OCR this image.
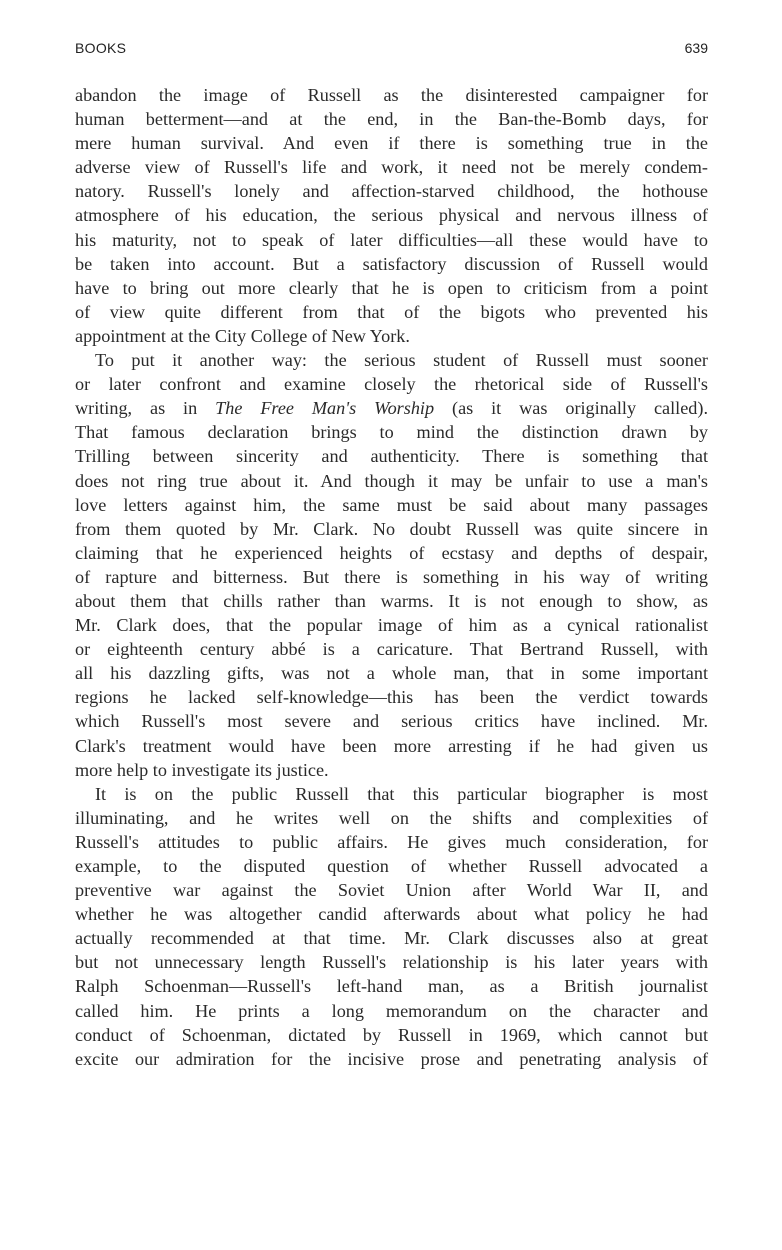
BOOKS	639
abandon the image of Russell as the disinterested campaigner for
human betterment—and at the end, in the Ban-the-Bomb days, for
mere human survival. And even if there is something true in the
adverse view of Russell's life and work, it need not be merely condem-
natory. Russell's lonely and affection-starved childhood, the hothouse
atmosphere of his education, the serious physical and nervous illness of
his maturity, not to speak of later difficulties—all these would have to
be taken into account. But a satisfactory discussion of Russell would
have to bring out more clearly that he is open to criticism from a point
of view quite different from that of the bigots who prevented his
appointment at the City College of New York.
To put it another way: the serious student of Russell must sooner
or later confront and examine closely the rhetorical side of Russell's
writing, as in The Free Man's Worship (as it was originally called).
That famous declaration brings to mind the distinction drawn by
Trilling between sincerity and authenticity. There is something that
does not ring true about it. And though it may be unfair to use a man's
love letters against him, the same must be said about many passages
from them quoted by Mr. Clark. No doubt Russell was quite sincere in
claiming that he experienced heights of ecstasy and depths of despair,
of rapture and bitterness. But there is something in his way of writing
about them that chills rather than warms. It is not enough to show, as
Mr. Clark does, that the popular image of him as a cynical rationalist
or eighteenth century abbé is a caricature. That Bertrand Russell, with
all his dazzling gifts, was not a whole man, that in some important
regions he lacked self-knowledge—this has been the verdict towards
which Russell's most severe and serious critics have inclined. Mr.
Clark's treatment would have been more arresting if he had given us
more help to investigate its justice.
It is on the public Russell that this particular biographer is most
illuminating, and he writes well on the shifts and complexities of
Russell's attitudes to public affairs. He gives much consideration, for
example, to the disputed question of whether Russell advocated a
preventive war against the Soviet Union after World War II, and
whether he was altogether candid afterwards about what policy he had
actually recommended at that time. Mr. Clark discusses also at great
but not unnecessary length Russell's relationship is his later years with
Ralph Schoenman—Russell's left-hand man, as a British journalist
called him. He prints a long memorandum on the character and
conduct of Schoenman, dictated by Russell in 1969, which cannot but
excite our admiration for the incisive prose and penetrating analysis of
